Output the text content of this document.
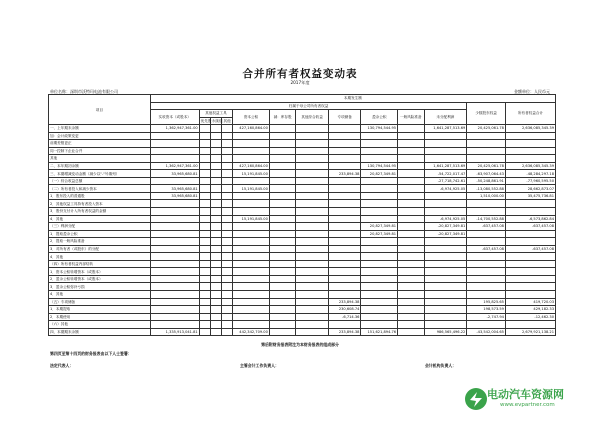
合并所有者权益变动表
2017年度
单位名称：深圳市沃特玛电池有限公司	金额单位：人民币元
项目	本期发生额												
	归属于母公司所有者权益											少数股东权益	所有者权益合计
	实收资本（或股本）	其他权益工具			资本公积	减：库存股	其他综合收益	专项储备	盈余公积	一般风险准备	未分配利润		
		优先股	永续债	其他									
一、上年期末余额	1,362,947,361.00				427,160,864.00				130,794,544.95		1,641,287,513.69	20,425,061.78	2,636,085,345.39
加：会计政策变更													
前期差错更正													
同一控制下企业合并													
其他													
二、本年期初余额	1,362,947,361.00				427,160,864.00				130,794,544.95		1,641,287,513.69	20,425,061.78	2,636,085,345.39
三、本期增减变动金额（减少以"-"号填列）	33,965,680.81				15,191,845.00			233,894.38	20,827,349.81		-54,722,017.47	-63,907,064.43	-48,284,297.18
（一）综合收益总额											-27,718,742.61	-50,248,861.91	-77,960,595.50
（二）所有者投入和减少资本	33,965,680.81				15,191,845.00						-6,974,925.05	-13,080,552.88	28,662,873.07
1．股东投入的普通股	33,965,680.81											1,510,000.00	35,475,736.81
2．其他权益工具持有者投入资本													
3．股份支付计入所有者权益的金额													
4．其他					15,191,845.00						-6,974,925.05	-14,700,552.88	-6,573,862.84
（三）利润分配									20,827,349.81		-20,827,349.81	-637,457.08	-637,457.08
1．提取盈余公积									20,827,349.81		-20,827,349.81		
2．提取一般风险准备													
3．对所有者（或股东）的分配												-637,457.08	-637,457.08
4．其他													
（四）所有者权益内部结转													
1．资本公积转增资本（或股本）													
2．盈余公积转增资本（或股本）													
3．盈余公积弥补亏损													
4．其他													
（五）专项储备								233,894.38				195,825.65	419,720.03
1．本期提取								230,608.74				198,573.59	429,182.33
2．本期使用								-6,714.36				-2,747.94	-12,462.30
（六）其他													
四、本期期末余额	1,335,913,041.81				442,342,709.00			233,894.38	151,621,894.76		986,565,496.22	-43,542,004.65	2,679,921,138.21
第后附财务报表附注为本财务报表的组成部分
第四页至第十四页的财务报表由以下人士签署：
法定代表人：	主管会计工作负责人：	会计机构负责人：
电动汽车资源网
www.evpartner.com
